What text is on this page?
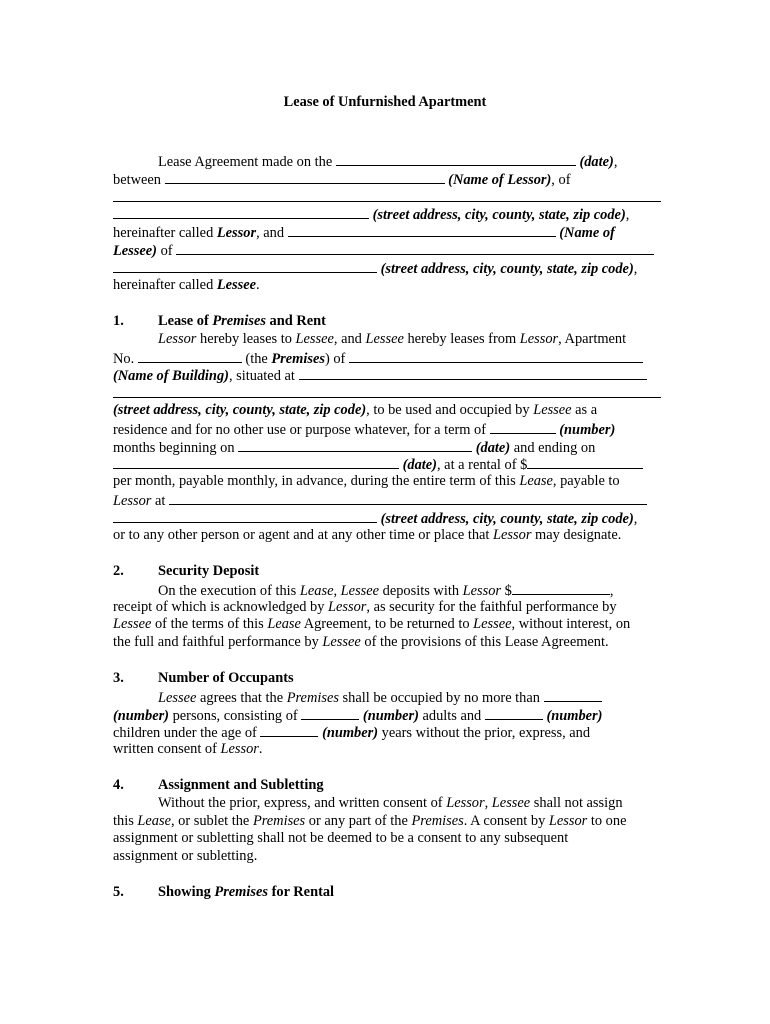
Lease of Unfurnished Apartment
Lease Agreement made on the	(date),
between	(Name of Lessor), of
(street address, city, county, state, zip code),
hereinafter called Lessor, and	(Name of
Lessee) of
(street address, city, county, state, zip code),
hereinafter called Lessee.
1. Lease of Premises and Rent
Lessor hereby leases to Lessee, and Lessee hereby leases from Lessor, Apartment
No.	(the Premises) of
(Name of Building), situated at
(street address, city, county, state, zip code), to be used and occupied by Lessee as a
residence and for no other use or purpose whatever, for a term of	(number)
months beginning on	(date) and ending on
(date), at a rental of $
per month, payable monthly, in advance, during the entire term of this Lease, payable to
Lessor at
(street address, city, county, state, zip code),
or to any other person or agent and at any other time or place that Lessor may designate.
2. Security Deposit
On the execution of this Lease, Lessee deposits with Lessor $	,
receipt of which is acknowledged by Lessor, as security for the faithful performance by
Lessee of the terms of this Lease Agreement, to be returned to Lessee, without interest, on
the full and faithful performance by Lessee of the provisions of this Lease Agreement.
3. Number of Occupants
Lessee agrees that the Premises shall be occupied by no more than
(number) persons, consisting of	(number) adults and	(number)
children under the age of	(number) years without the prior, express, and
written consent of Lessor.
4. Assignment and Subletting
Without the prior, express, and written consent of Lessor, Lessee shall not assign
this Lease, or sublet the Premises or any part of the Premises. A consent by Lessor to one
assignment or subletting shall not be deemed to be a consent to any subsequent
assignment or subletting.
5. Showing Premises for Rental
